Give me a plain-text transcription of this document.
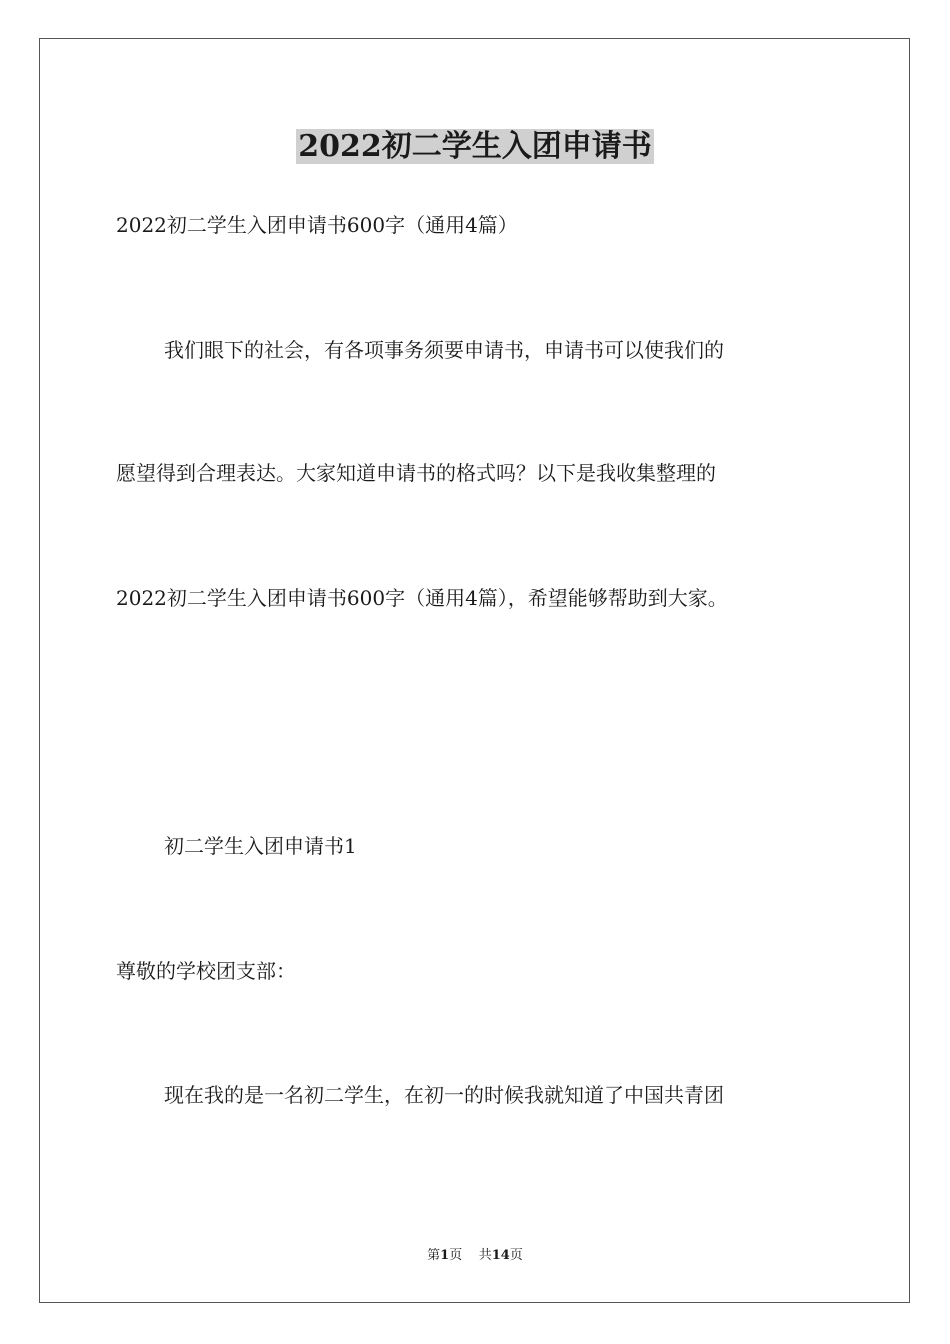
2022初二学生入团申请书
2022初二学生入团申请书600字（通用4篇）
我们眼下的社会，有各项事务须要申请书，申请书可以使我们的
愿望得到合理表达。大家知道申请书的格式吗？以下是我收集整理的
2022初二学生入团申请书600字（通用4篇），希望能够帮助到大家。
初二学生入团申请书1
尊敬的学校团支部：
现在我的是一名初二学生，在初一的时候我就知道了中国共青团
第1页 共14页
